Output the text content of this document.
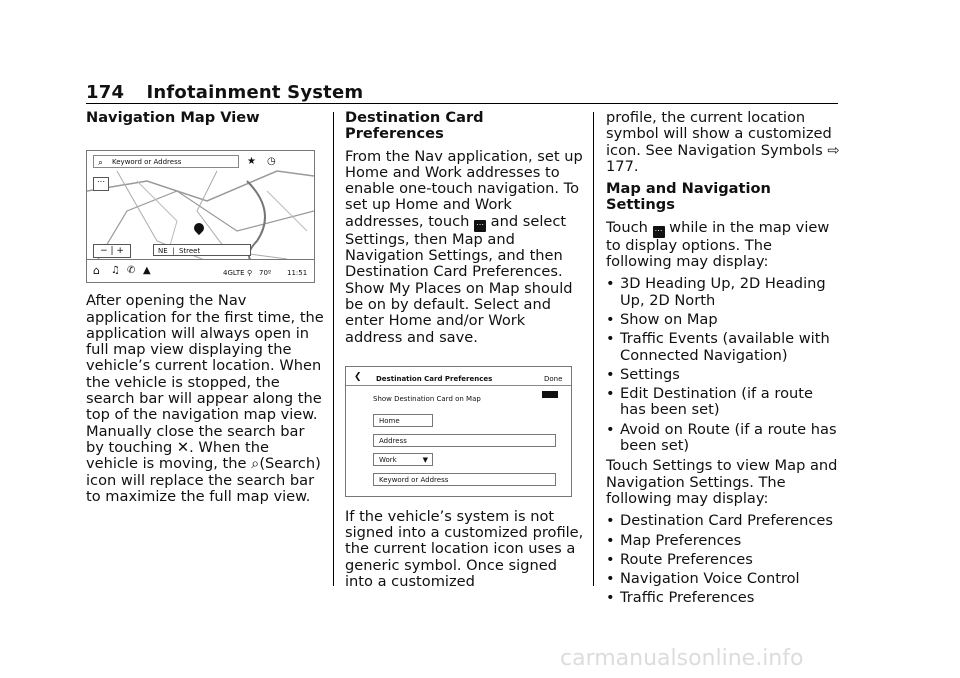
174 Infotainment System
Navigation Map View
⌕ Keyword or Address	★ ◷
⋯
− | +	NE  |  Street
⌂ ♫ ✆ ▲	4GLTE ⚲ 70º 11:51

After opening the Nav application for the first time, the application will always open in full map view displaying the vehicle’s current location. When the vehicle is stopped, the search bar will appear along the top of the navigation map view. Manually close the search bar by touching ✕. When the vehicle is moving, the ⌕(Search) icon will replace the search bar to maximize the full map view.

Destination Card Preferences

From the Nav application, set up Home and Work addresses to enable one-touch navigation. To set up Home and Work addresses, touch ⋯ and select Settings, then Map and Navigation Settings, and then Destination Card Preferences. Show My Places on Map should be on by default. Select and enter Home and/or Work address and save.

❮ Destination Card Preferences	Done
Show Destination Card on Map
Home
Address
Work	▼
Keyword or Address

If the vehicle’s system is not signed into a customized profile, the current location icon uses a generic symbol. Once signed into a customized

profile, the current location symbol will show a customized icon. See Navigation Symbols ⇨ 177.

Map and Navigation Settings

Touch ⋯ while in the map view to display options. The following may display:

• 3D Heading Up, 2D Heading Up, 2D North
• Show on Map
• Traffic Events (available with Connected Navigation)
• Settings
• Edit Destination (if a route has been set)
• Avoid on Route (if a route has been set)

Touch Settings to view Map and Navigation Settings. The following may display:

• Destination Card Preferences
• Map Preferences
• Route Preferences
• Navigation Voice Control
• Traffic Preferences
carmanualsonline.info
